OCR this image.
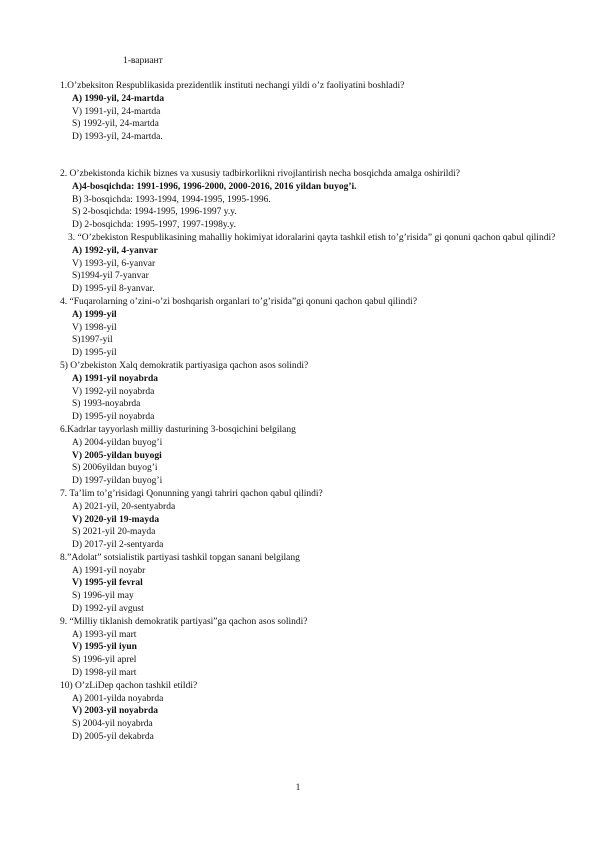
1-вариант
1.O’zbeksiton Respublikasida prezidentlik instituti nechangi yildi o’z faoliyatini boshladi?
A) 1990-yil, 24-martda
V) 1991-yil, 24-martda
S) 1992-yil, 24-martda
D) 1993-yil, 24-martda.
2. O’zbekistonda kichik biznes va xususiy tadbirkorlikni rivojlantirish necha bosqichda amalga oshirildi?
A)4-bosqichda: 1991-1996, 1996-2000, 2000-2016, 2016 yildan buyog’i.
B) 3-bosqichda: 1993-1994, 1994-1995, 1995-1996.
S) 2-bosqichda: 1994-1995, 1996-1997 y.y.
D) 2-bosqichda: 1995-1997, 1997-1998y.y.
3. “O’zbekiston Respublikasining mahalliy hokimiyat idoralarini qayta tashkil etish to’g’risida” gi qonuni qachon qabul qilindi?
A) 1992-yil, 4-yanvar
V) 1993-yil, 6-yanvar
S)1994-yil 7-yanvar
D) 1995-yil 8-yanvar.
4. “Fuqarolarning o’zini-o’zi boshqarish organlari to’g’risida”gi qonuni qachon qabul qilindi?
A) 1999-yil
V) 1998-yil
S)1997-yil
D) 1995-yil
5) O’zbekiston Xalq demokratik partiyasiga qachon asos solindi?
A) 1991-yil noyabrda
V) 1992-yil noyabrda
S) 1993-noyabrda
D) 1995-yil noyabrda
6.Kadrlar tayyorlash milliy dasturining 3-bosqichini belgilang
A) 2004-yildan buyog’i
V) 2005-yildan buyogi
S) 2006yildan buyog’i
D) 1997-yildan buyog’i
7. Ta’lim to’g’risidagi Qonunning yangi tahriri qachon qabul qilindi?
A) 2021-yil, 20-sentyabrda
V) 2020-yil 19-mayda
S) 2021-yil 20-mayda
D) 2017-yil 2-sentyarda
8.”Adolat” sotsialistik partiyasi tashkil topgan sanani belgilang
A) 1991-yil noyabr
V) 1995-yil fevral
S) 1996-yil may
D) 1992-yil avgust
9. “Milliy tiklanish demokratik partiyasi”ga qachon asos solindi?
A) 1993-yil mart
V) 1995-yil iyun
S) 1996-yil aprel
D) 1998-yil mart
10) O’zLiDep qachon tashkil etildi?
A) 2001-yilda noyabrda
V) 2003-yil noyabrda
S) 2004-yil noyabrda
D) 2005-yil dekabrda
1
